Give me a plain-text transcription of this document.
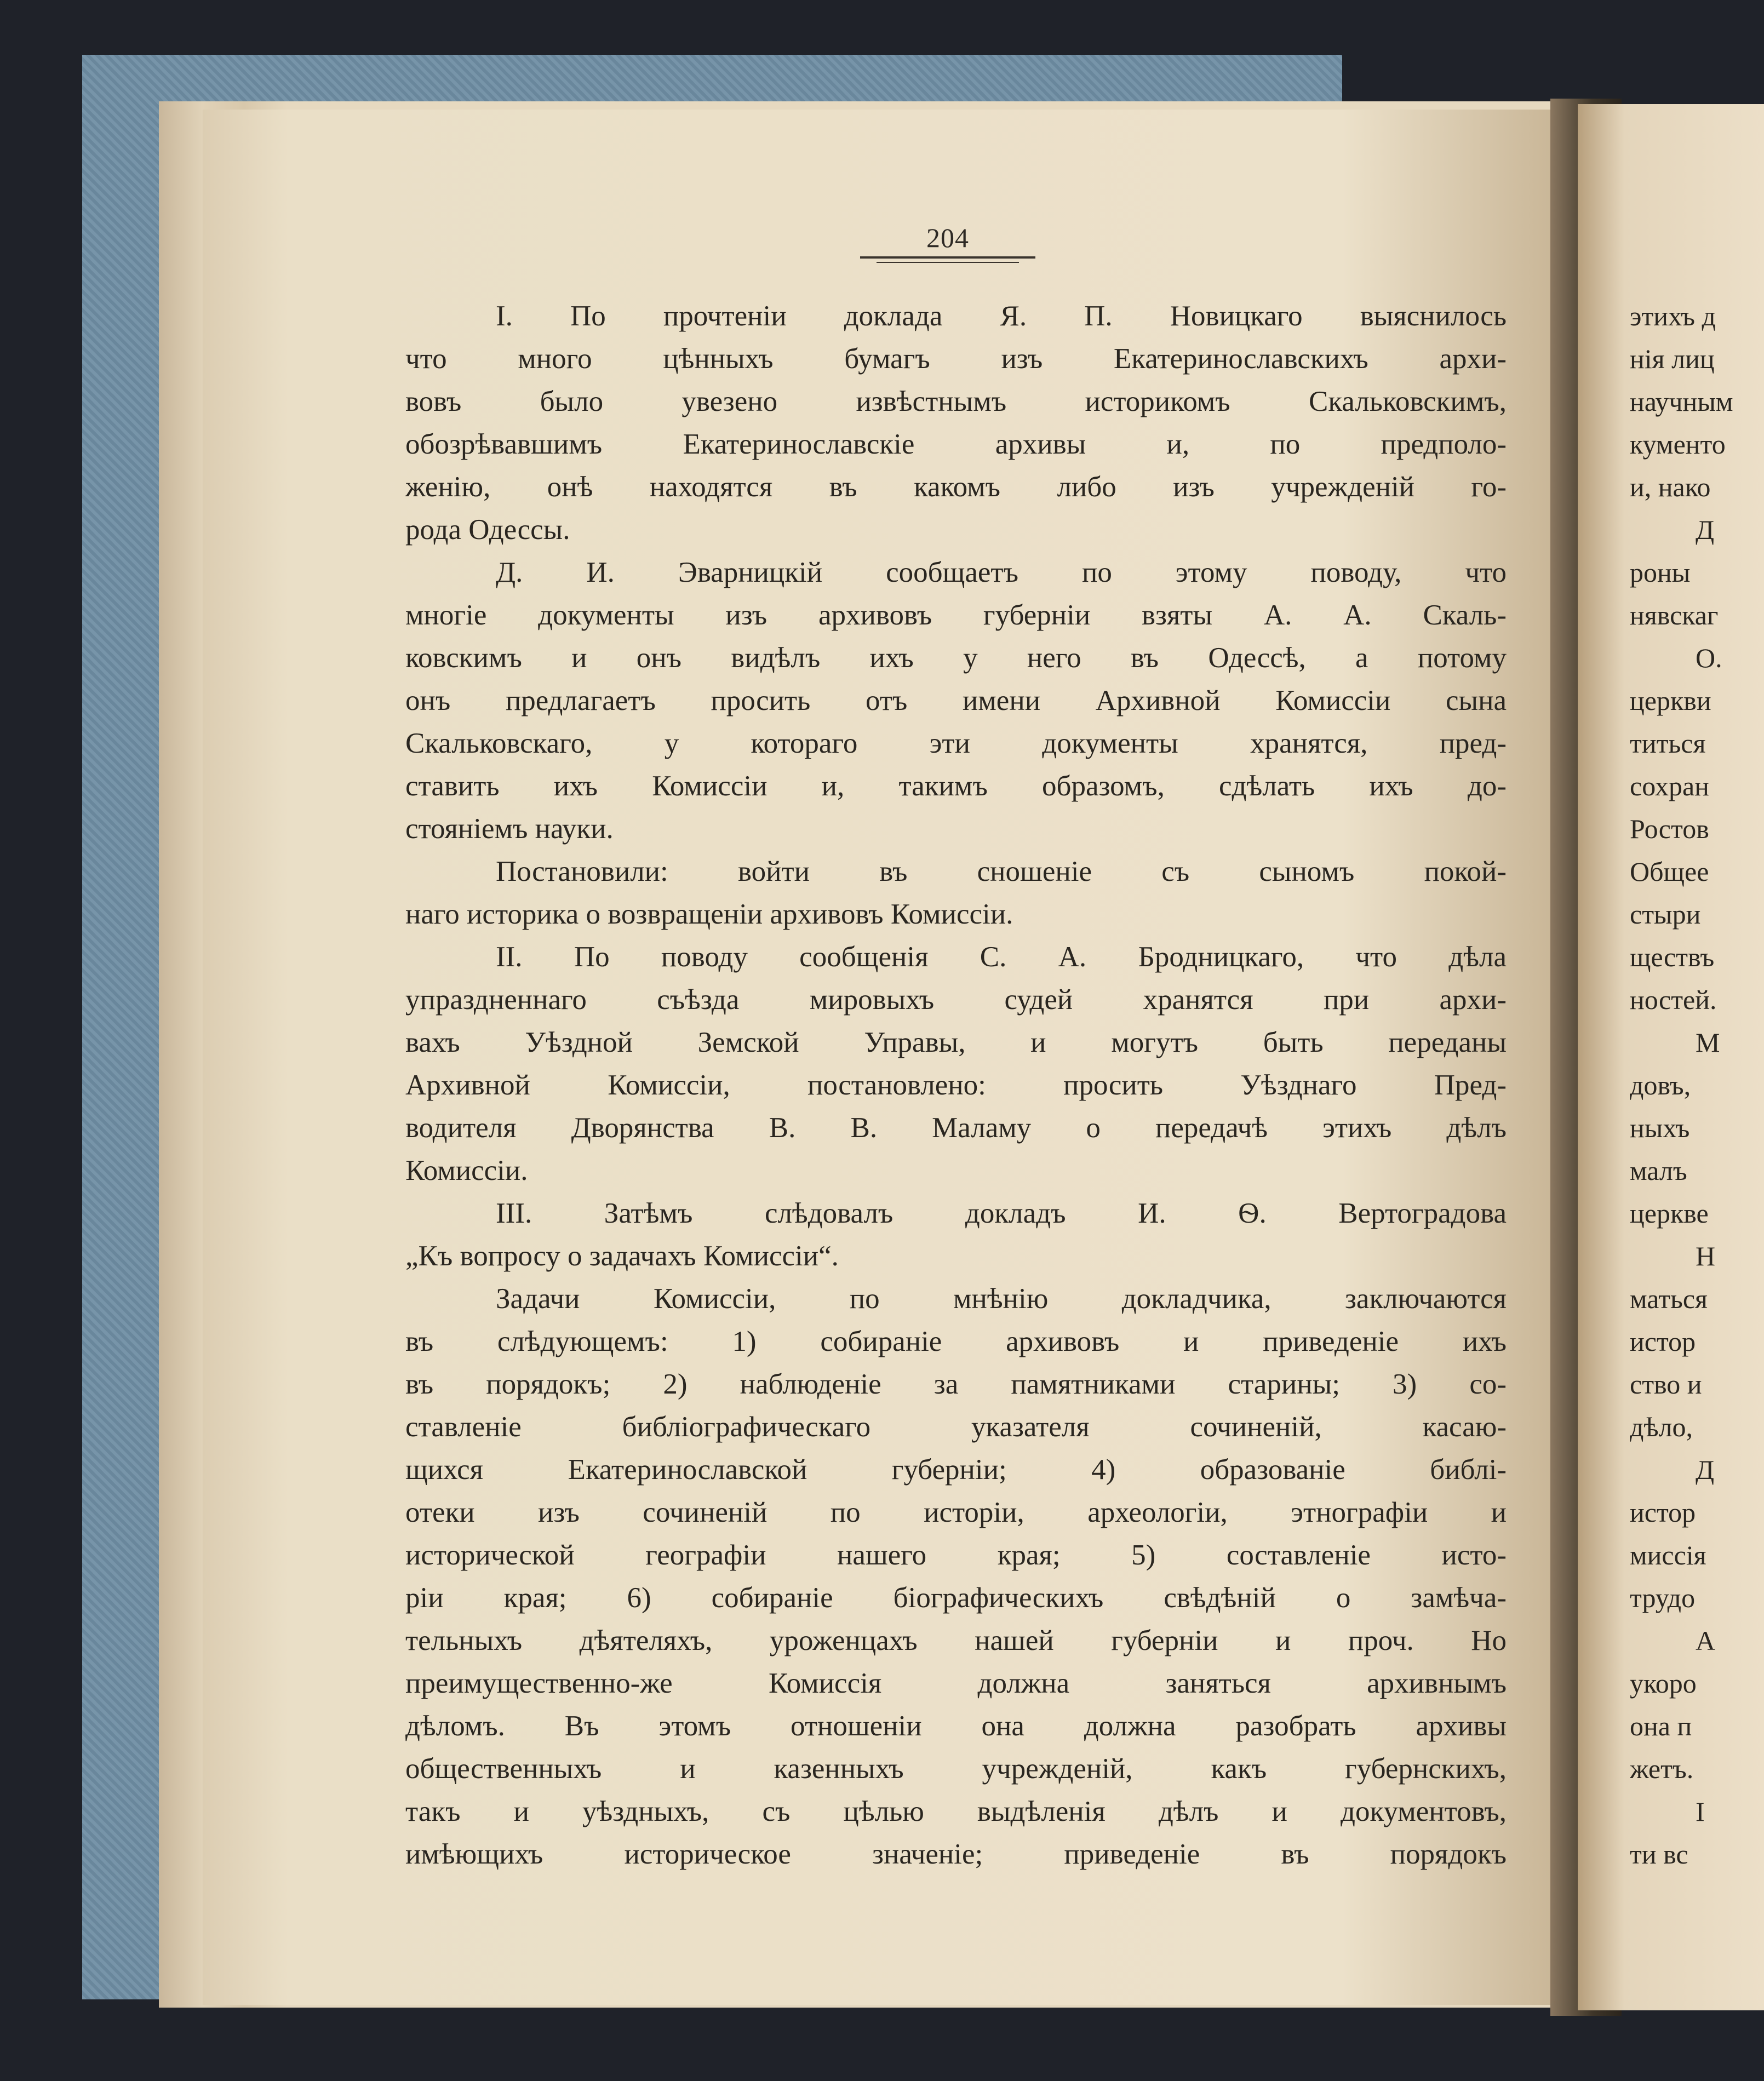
204
I. По прочтенiи доклада Я. П. Новицкаго выяснилось
что много цѣнныхъ бумагъ изъ Екатеринославскихъ архи-
вовъ было увезено извѣстнымъ историкомъ Скальковскимъ,
обозрѣвавшимъ Екатеринославскiе архивы и, по предполо-
женiю, онѣ находятся въ какомъ либо изъ учрежденiй го-
рода Одессы.
Д. И. Эварницкiй сообщаетъ по этому поводу, что
многiе документы изъ архивовъ губернiи взяты А. А. Скаль-
ковскимъ и онъ видѣлъ ихъ у него въ Одессѣ, а потому
онъ предлагаетъ просить отъ имени Архивной Комиссiи сына
Скальковскаго, у котораго эти документы хранятся, пред-
ставить ихъ Комиссiи и, такимъ образомъ, сдѣлать ихъ до-
стоянiемъ науки.
Постановили: войти въ сношенiе съ сыномъ покой-
наго историка о возвращенiи архивовъ Комиссiи.
II. По поводу сообщенiя С. А. Бродницкаго, что дѣла
упраздненнаго съѣзда мировыхъ судей хранятся при архи-
вахъ Уѣздной Земской Управы, и могутъ быть переданы
Архивной Комиссiи, постановлено: просить Уѣзднаго Пред-
водителя Дворянства В. В. Маламу о передачѣ этихъ дѣлъ
Комиссiи.
III. Затѣмъ слѣдовалъ докладъ И. Ѳ. Вертоградова
„Къ вопросу о задачахъ Комиссiи“.
Задачи Комиссiи, по мнѣнiю докладчика, заключаются
въ слѣдующемъ: 1) собиранiе архивовъ и приведенiе ихъ
въ порядокъ; 2) наблюденiе за памятниками старины; 3) со-
ставленiе библiографическаго указателя сочиненiй, касаю-
щихся Екатеринославской губернiи; 4) образованiе библi-
отеки изъ сочиненiй по исторiи, археологiи, этнографiи и
исторической географiи нашего края; 5) составленiе исто-
рiи края; 6) собиранiе бiографическихъ свѣдѣнiй о замѣча-
тельныхъ дѣятеляхъ, уроженцахъ нашей губернiи и проч. Но
преимущественно-же Комиссiя должна заняться архивнымъ
дѣломъ. Въ этомъ отношенiи она должна разобрать архивы
общественныхъ и казенныхъ учрежденiй, какъ губернскихъ,
такъ и уѣздныхъ, съ цѣлью выдѣленiя дѣлъ и документовъ,
имѣющихъ историческое значенiе; приведенiе въ порядокъ
этихъ д
нiя лиц
научным
кументо
и, нако
Д
роны
нявскаг
О.
церкви
титься
сохран
Ростов
Общее
стыри
ществъ
ностей.
М
довъ,
ныхъ
малъ
церкве
Н
маться
истор
ство и
дѣло,
Д
истор
миссiя
трудо
А
укоро
она п
жетъ.
І
ти вс
